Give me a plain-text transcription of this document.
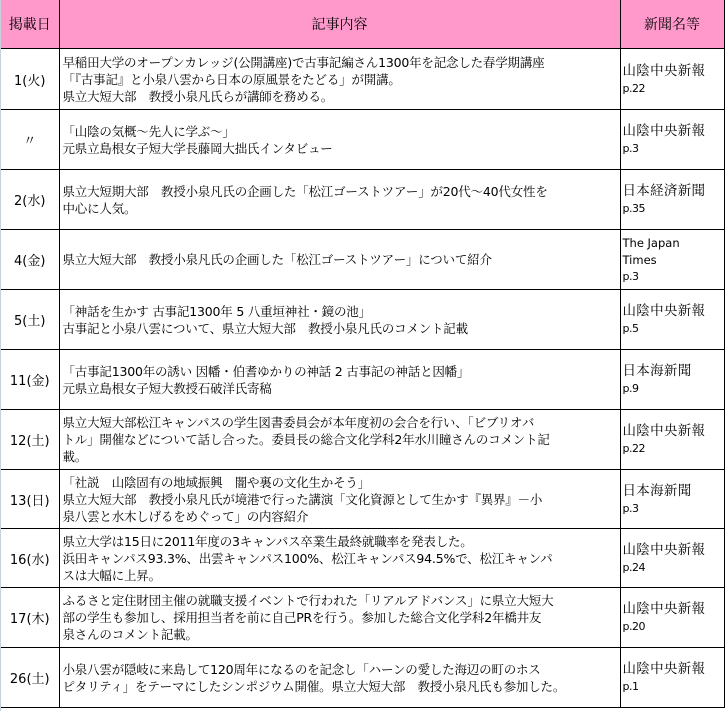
掲載日	記事内容	新聞名等
1(火)	早稲田大学のオープンカレッジ(公開講座)で古事記編さん1300年を記念した春学期講座
「『古事記』と小泉八雲から日本の原風景をたどる」が開講。
県立大短大部　教授小泉凡氏らが講師を務める。	山陰中央新報
p.22

〃	「山陰の気概～先人に学ぶ～」
元県立島根女子短大学長藤岡大拙氏インタビュー	山陰中央新報
p.3

2(水)	県立大短期大部　教授小泉凡氏の企画した「松江ゴーストツアー」が20代～40代女性を
中心に人気。	日本経済新聞
p.35

4(金)	県立大短大部　教授小泉凡氏の企画した「松江ゴーストツアー」について紹介	The Japan
Times
p.3

5(土)	「神話を生かす 古事記1300年 5 八重垣神社・鏡の池」
古事記と小泉八雲について、県立大短大部　教授小泉凡氏のコメント記載	山陰中央新報
p.5

11(金)	「古事記1300年の誘い 因幡・伯耆ゆかりの神話 2 古事記の神話と因幡」
元県立島根女子短大教授石破洋氏寄稿	日本海新聞
p.9

12(土)	県立大短大部松江キャンパスの学生図書委員会が本年度初の会合を行い、「ビブリオバ
トル」開催などについて話し合った。委員長の総合文化学科2年水川瞳さんのコメント記
載。	山陰中央新報
p.22

13(日)	「社説　山陰固有の地域振興　闇や裏の文化生かそう」
県立大短大部　教授小泉凡氏が境港で行った講演「文化資源として生かす『異界』－小
泉八雲と水木しげるをめぐって」の内容紹介	日本海新聞
p.3

16(水)	県立大学は15日に2011年度の3キャンパス卒業生最終就職率を発表した。
浜田キャンパス93.3%、出雲キャンパス100%、松江キャンパス94.5%で、松江キャンパ
スは大幅に上昇。	山陰中央新報
p.24

17(木)	ふるさと定住財団主催の就職支援イベントで行われた「リアルアドバンス」に県立大短大
部の学生も参加し、採用担当者を前に自己PRを行う。参加した総合文化学科2年橋井友
泉さんのコメント記載。	山陰中央新報
p.20

26(土)	小泉八雲が隠岐に来島して120周年になるのを記念し「ハーンの愛した海辺の町のホス
ピタリティ」をテーマにしたシンポジウム開催。県立大短大部　教授小泉凡氏も参加した。	山陰中央新報
p.1
